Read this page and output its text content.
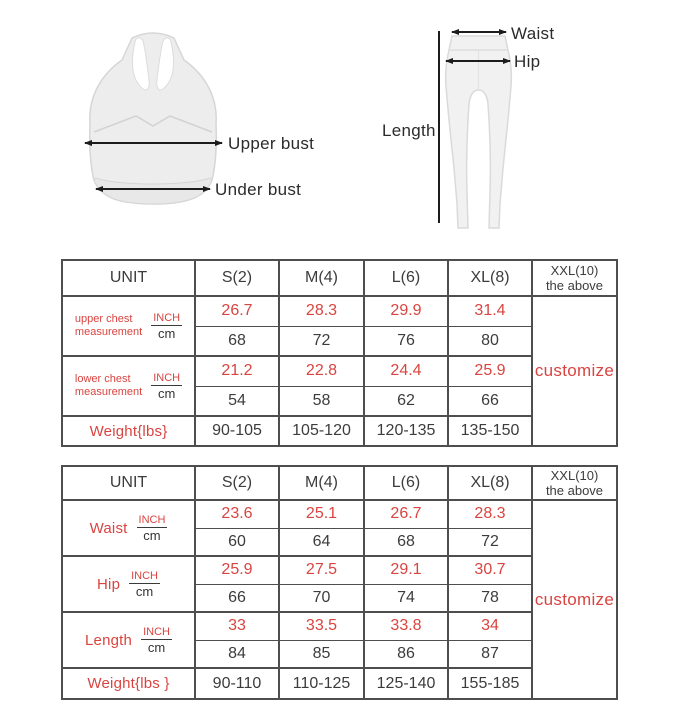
Upper bust
Under bust
Waist
Hip
Length
UNIT	S(2)	M(4)	L(6)	XL(8)	XXL(10)
the above

upper chest
measurement $\frac{\text{INCH}}{cm}$	26.7	28.3	29.9	31.4	customize
	68	72	76	80	

lower chest
measurement $\frac{\text{INCH}}{cm}$	21.2	22.8	24.4	25.9	
	54	58	62	66	
Weight{lbs}	90-105	105-120	120-135	135-150	
UNIT	S(2)	M(4)	L(6)	XL(8)	XXL(10)
the above

Waist $\frac{\text{INCH}}{cm}$	23.6	25.1	26.7	28.3	customize
	60	64	68	72	

Hip $\frac{\text{INCH}}{cm}$	25.9	27.5	29.1	30.7	
	66	70	74	78	

Length $\frac{\text{INCH}}{cm}$	33	33.5	33.8	34	
	84	85	86	87	
Weight{lbs }	90-110	110-125	125-140	155-185	
